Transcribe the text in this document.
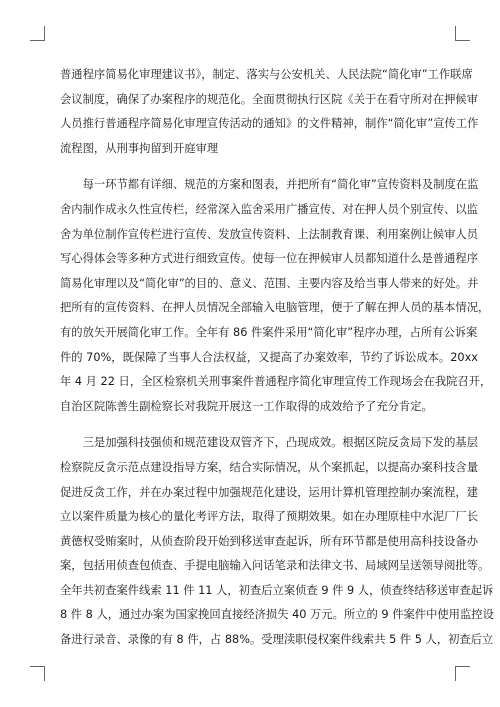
普通程序简易化审理建议书》，制定、落实与公安机关、人民法院“简化审”工作联席
会议制度，确保了办案程序的规范化。全面贯彻执行区院《关于在看守所对在押候审
人员推行普通程序简易化审理宣传活动的通知》的文件精神，制作“简化审”宣传工作
流程图，从刑事拘留到开庭审理
　　每一环节都有详细、规范的方案和图表，并把所有“简化审”宣传资料及制度在监
舍内制作成永久性宣传栏，经常深入监舍采用广播宣传、对在押人员个别宣传、以监
舍为单位制作宣传栏进行宣传、发放宣传资料、上法制教育课、利用案例让候审人员
写心得体会等多种方式进行细致宣传。使每一位在押候审人员都知道什么是普通程序
简易化审理以及“简化审”的目的、意义、范围、主要内容及给当事人带来的好处。并
把所有的宣传资料、在押人员情况全部输入电脑管理，便于了解在押人员的基本情况，
有的放矢开展简化审工作。全年有 86 件案件采用“简化审”程序办理，占所有公诉案
件的 70%，既保障了当事人合法权益，又提高了办案效率，节约了诉讼成本。20xx
年 4 月 22 日，全区检察机关刑事案件普通程序简化审理宣传工作现场会在我院召开，
自治区院陈善生副检察长对我院开展这一工作取得的成效给予了充分肯定。
　　三是加强科技强侦和规范建设双管齐下，凸现成效。根据区院反贪局下发的基层
检察院反贪示范点建设指导方案，结合实际情况，从个案抓起，以提高办案科技含量
促进反贪工作，并在办案过程中加强规范化建设，运用计算机管理控制办案流程，建
立以案件质量为核心的量化考评方法，取得了预期效果。如在办理原桂中水泥厂厂长
黄德权受贿案时，从侦查阶段开始到移送审查起诉，所有环节都是使用高科技设备办
案，包括用侦查包侦查、手提电脑输入问话笔录和法律文书、局域网呈送领导阅批等。
全年共初查案件线索 11 件 11 人，初查后立案侦查 9 件 9 人，侦查终结移送审查起诉
8 件 8 人，通过办案为国家挽回直接经济损失 40 万元。所立的 9 件案件中使用监控设
备进行录音、录像的有 8 件，占 88%。受理渎职侵权案件线索共 5 件 5 人，初查后立
